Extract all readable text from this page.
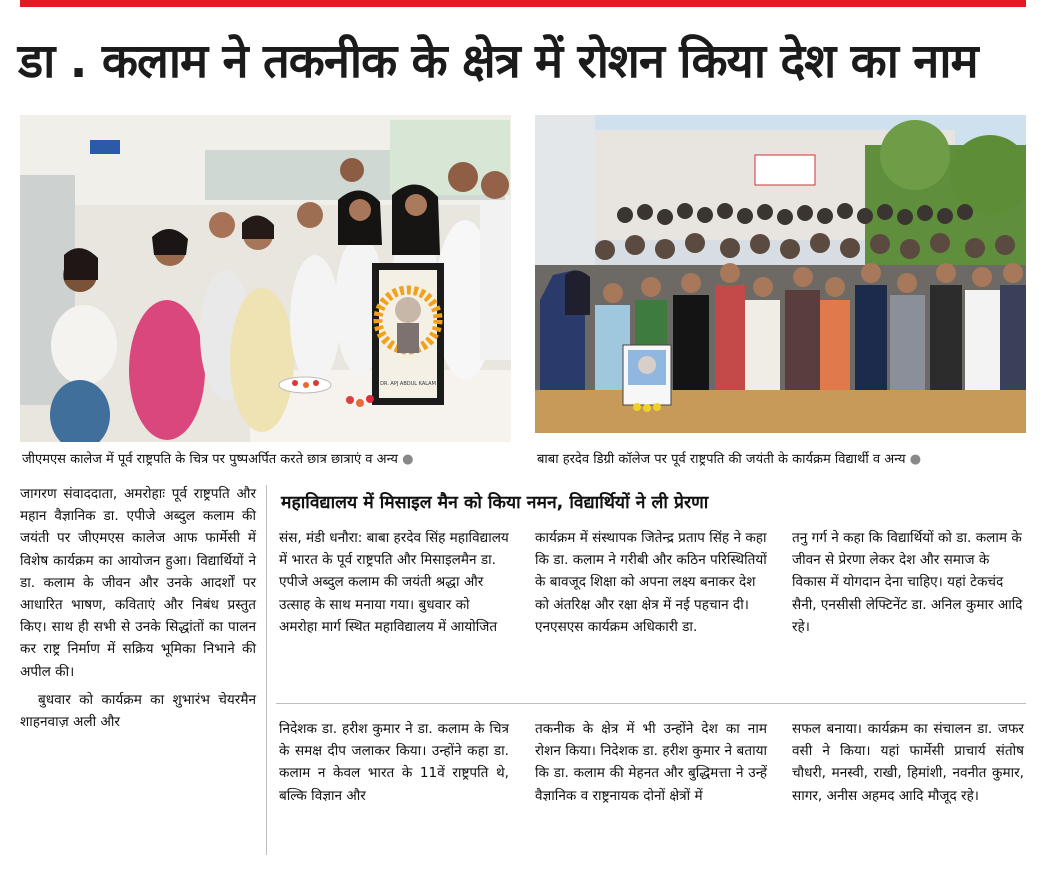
डा . कलाम ने तकनीक के क्षेत्र में रोशन किया देश का नाम
DR. APJ ABDUL KALAM
जीएमएस कालेज में पूर्व राष्ट्रपति के चित्र पर पुष्पअर्पित करते छात्र छात्राएं व अन्य ●	बाबा हरदेव डिग्री कॉलेज पर पूर्व राष्ट्रपति की जयंती के कार्यक्रम विद्यार्थी व अन्य ●

जागरण संवाददाता, अमरोहाः पूर्व राष्ट्रपति और महान वैज्ञानिक डा. एपीजे अब्दुल कलाम की जयंती पर जीएमएस कालेज आफ फार्मेसी में विशेष कार्यक्रम का आयोजन हुआ। विद्यार्थियों ने डा. कलाम के जीवन और उनके आदर्शों पर आधारित भाषण, कविताएं और निबंध प्रस्तुत किए। साथ ही सभी से उनके सिद्धांतों का पालन कर राष्ट्र निर्माण में सक्रिय भूमिका निभाने की अपील की।

बुधवार को कार्यक्रम का शुभारंभ चेयरमैन शाहनवाज़ अली और

महाविद्यालय में मिसाइल मैन को किया नमन, विद्यार्थियों ने ली प्रेरणा

संस, मंडी धनौरा: बाबा हरदेव सिंह महाविद्यालय में भारत के पूर्व राष्ट्रपति और मिसाइलमैन डा. एपीजे अब्दुल कलाम की जयंती श्रद्धा और उत्साह के साथ मनाया गया। बुधवार को अमरोहा मार्ग स्थित महाविद्यालय में आयोजित

कार्यक्रम में संस्थापक जितेन्द्र प्रताप सिंह ने कहा कि डा. कलाम ने गरीबी और कठिन परिस्थितियों के बावजूद शिक्षा को अपना लक्ष्य बनाकर देश को अंतरिक्ष और रक्षा क्षेत्र में नई पहचान दी। एनएसएस कार्यक्रम अधिकारी डा.

तनु गर्ग ने कहा कि विद्यार्थियों को डा. कलाम के जीवन से प्रेरणा लेकर देश और समाज के विकास में योगदान देना चाहिए। यहां टेकचंद सैनी, एनसीसी लेफ्टिनेंट डा. अनिल कुमार आदि रहे।

निदेशक डा. हरीश कुमार ने डा. कलाम के चित्र के समक्ष दीप जलाकर किया। उन्होंने कहा डा. कलाम न केवल भारत के 11वें राष्ट्रपति थे, बल्कि विज्ञान और

तकनीक के क्षेत्र में भी उन्होंने देश का नाम रोशन किया। निदेशक डा. हरीश कुमार ने बताया कि डा. कलाम की मेहनत और बुद्धिमत्ता ने उन्हें वैज्ञानिक व राष्ट्रनायक दोनों क्षेत्रों में

सफल बनाया। कार्यक्रम का संचालन डा. जफर वसी ने किया। यहां फार्मेसी प्राचार्य संतोष चौधरी, मनस्वी, राखी, हिमांशी, नवनीत कुमार, सागर, अनीस अहमद आदि मौजूद रहे।
